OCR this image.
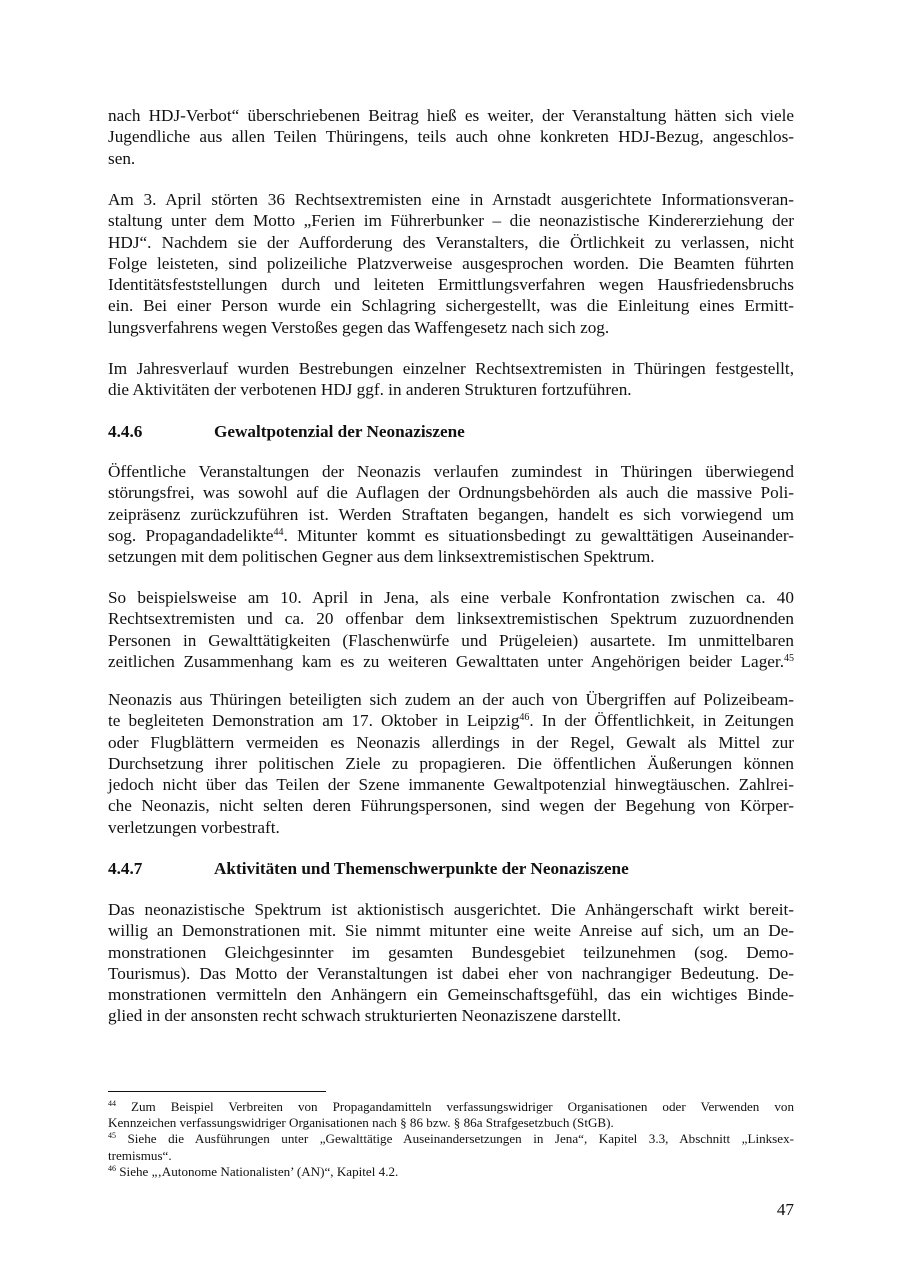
nach HDJ-Verbot“ überschriebenen Beitrag hieß es weiter, der Veranstaltung hätten sich viele

Jugendliche aus allen Teilen Thüringens, teils auch ohne konkreten HDJ-Bezug, angeschlos-

sen.

Am 3. April störten 36 Rechtsextremisten eine in Arnstadt ausgerichtete Informationsveran-

staltung unter dem Motto „Ferien im Führerbunker – die neonazistische Kindererziehung der

HDJ“. Nachdem sie der Aufforderung des Veranstalters, die Örtlichkeit zu verlassen, nicht

Folge leisteten, sind polizeiliche Platzverweise ausgesprochen worden. Die Beamten führten

Identitätsfeststellungen durch und leiteten Ermittlungsverfahren wegen Hausfriedensbruchs

ein. Bei einer Person wurde ein Schlagring sichergestellt, was die Einleitung eines Ermitt-

lungsverfahrens wegen Verstoßes gegen das Waffengesetz nach sich zog.

Im Jahresverlauf wurden Bestrebungen einzelner Rechtsextremisten in Thüringen festgestellt,

die Aktivitäten der verbotenen HDJ ggf. in anderen Strukturen fortzuführen.

4.4.6	Gewaltpotenzial der Neonaziszene

Öffentliche Veranstaltungen der Neonazis verlaufen zumindest in Thüringen überwiegend

störungsfrei, was sowohl auf die Auflagen der Ordnungsbehörden als auch die massive Poli-

zeipräsenz zurückzuführen ist. Werden Straftaten begangen, handelt es sich vorwiegend um

sog. Propagandadelikte$^{44}$. Mitunter kommt es situationsbedingt zu gewalttätigen Auseinander-

setzungen mit dem politischen Gegner aus dem linksextremistischen Spektrum.

So beispielsweise am 10. April in Jena, als eine verbale Konfrontation zwischen ca. 40

Rechtsextremisten und ca. 20 offenbar dem linksextremistischen Spektrum zuzuordnenden

Personen in Gewalttätigkeiten (Flaschenwürfe und Prügeleien) ausartete. Im unmittelbaren

zeitlichen Zusammenhang kam es zu weiteren Gewalttaten unter Angehörigen beider Lager.$^{45}$

Neonazis aus Thüringen beteiligten sich zudem an der auch von Übergriffen auf Polizeibeam-

te begleiteten Demonstration am 17. Oktober in Leipzig$^{46}$. In der Öffentlichkeit, in Zeitungen

oder Flugblättern vermeiden es Neonazis allerdings in der Regel, Gewalt als Mittel zur

Durchsetzung ihrer politischen Ziele zu propagieren. Die öffentlichen Äußerungen können

jedoch nicht über das Teilen der Szene immanente Gewaltpotenzial hinwegtäuschen. Zahlrei-

che Neonazis, nicht selten deren Führungspersonen, sind wegen der Begehung von Körper-

verletzungen vorbestraft.

4.4.7	Aktivitäten und Themenschwerpunkte der Neonaziszene

Das neonazistische Spektrum ist aktionistisch ausgerichtet. Die Anhängerschaft wirkt bereit-

willig an Demonstrationen mit. Sie nimmt mitunter eine weite Anreise auf sich, um an De-

monstrationen Gleichgesinnter im gesamten Bundesgebiet teilzunehmen (sog. Demo-

Tourismus). Das Motto der Veranstaltungen ist dabei eher von nachrangiger Bedeutung. De-

monstrationen vermitteln den Anhängern ein Gemeinschaftsgefühl, das ein wichtiges Binde-

glied in der ansonsten recht schwach strukturierten Neonaziszene darstellt.

$^{44}$ Zum Beispiel Verbreiten von Propagandamitteln verfassungswidriger Organisationen oder Verwenden von

Kennzeichen verfassungswidriger Organisationen nach § 86 bzw. § 86a Strafgesetzbuch (StGB).

$^{45}$ Siehe die Ausführungen unter „Gewalttätige Auseinandersetzungen in Jena“, Kapitel 3.3, Abschnitt „Linksex-

tremismus“.

$^{46}$ Siehe „‚Autonome Nationalisten’ (AN)“, Kapitel 4.2.

47
